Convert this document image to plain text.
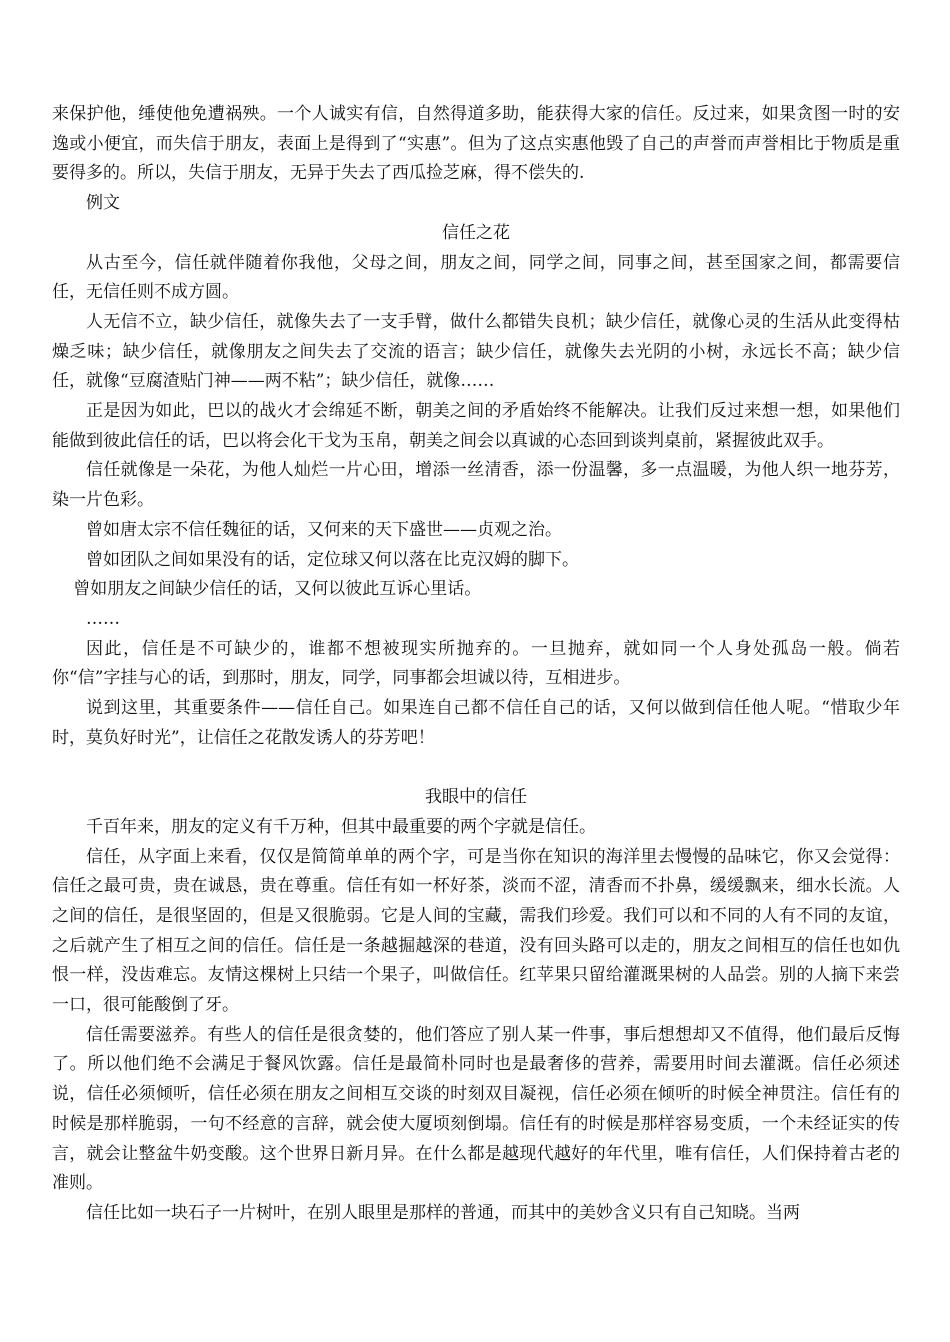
来保护他，缍使他免遭祸殃。一个人诚实有信，自然得道多助，能获得大家的信任。反过来，如果贪图一时的安逸或小便宜，而失信于朋友，表面上是得到了“实惠”。但为了这点实惠他毁了自己的声誉而声誉相比于物质是重要得多的。所以，失信于朋友，无异于失去了西瓜捡芝麻，得不偿失的.

例文

信任之花

从古至今，信任就伴随着你我他，父母之间，朋友之间，同学之间，同事之间，甚至国家之间，都需要信任，无信任则不成方圆。

人无信不立，缺少信任，就像失去了一支手臂，做什么都错失良机；缺少信任，就像心灵的生活从此变得枯燥乏味；缺少信任，就像朋友之间失去了交流的语言；缺少信任，就像失去光阴的小树，永远长不高；缺少信任，就像“豆腐渣贴门神——两不粘”；缺少信任，就像……

正是因为如此，巴以的战火才会绵延不断，朝美之间的矛盾始终不能解决。让我们反过来想一想，如果他们能做到彼此信任的话，巴以将会化干戈为玉帛，朝美之间会以真诚的心态回到谈判桌前，紧握彼此双手。

信任就像是一朵花，为他人灿烂一片心田，增添一丝清香，添一份温馨，多一点温暖，为他人织一地芬芳，染一片色彩。

曾如唐太宗不信任魏征的话，又何来的天下盛世——贞观之治。

曾如团队之间如果没有的话，定位球又何以落在比克汉姆的脚下。

曾如朋友之间缺少信任的话，又何以彼此互诉心里话。

……

因此，信任是不可缺少的，谁都不想被现实所抛弃的。一旦抛弃，就如同一个人身处孤岛一般。倘若你“信”字挂与心的话，到那时，朋友，同学，同事都会坦诚以待，互相进步。

说到这里，其重要条件——信任自己。如果连自己都不信任自己的话，又何以做到信任他人呢。“惜取少年时，莫负好时光”，让信任之花散发诱人的芬芳吧！

我眼中的信任

千百年来，朋友的定义有千万种，但其中最重要的两个字就是信任。

信任，从字面上来看，仅仅是简简单单的两个字，可是当你在知识的海洋里去慢慢的品味它，你又会觉得：信任之最可贵，贵在诚恳，贵在尊重。信任有如一杯好茶，淡而不涩，清香而不扑鼻，缓缓飘来，细水长流。人之间的信任，是很坚固的，但是又很脆弱。它是人间的宝藏，需我们珍爱。我们可以和不同的人有不同的友谊，之后就产生了相互之间的信任。信任是一条越掘越深的巷道，没有回头路可以走的，朋友之间相互的信任也如仇恨一样，没齿难忘。友情这棵树上只结一个果子，叫做信任。红苹果只留给灌溉果树的人品尝。别的人摘下来尝一口，很可能酸倒了牙。

信任需要滋养。有些人的信任是很贪婪的，他们答应了别人某一件事，事后想想却又不值得，他们最后反悔了。所以他们绝不会满足于餐风饮露。信任是最简朴同时也是最奢侈的营养，需要用时间去灌溉。信任必须述说，信任必须倾听，信任必须在朋友之间相互交谈的时刻双目凝视，信任必须在倾听的时候全神贯注。信任有的时候是那样脆弱，一句不经意的言辞，就会使大厦顷刻倒塌。信任有的时候是那样容易变质，一个未经证实的传言，就会让整盆牛奶变酸。这个世界日新月异。在什么都是越现代越好的年代里，唯有信任，人们保持着古老的准则。

信任比如一块石子一片树叶，在别人眼里是那样的普通，而其中的美妙含义只有自己知晓。当两
